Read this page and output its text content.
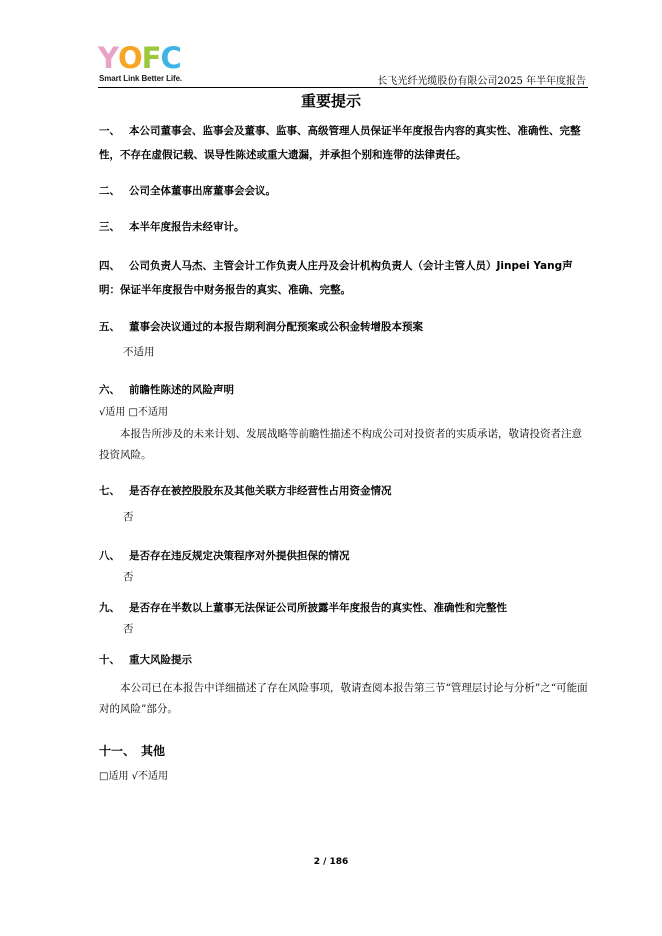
YOFC
Smart Link Better Life.	长飞光纤光缆股份有限公司2025 年半年度报告
重要提示
一、 本公司董事会、监事会及董事、监事、高级管理人员保证半年度报告内容的真实性、准确性、完整性，不存在虚假记载、误导性陈述或重大遗漏，并承担个别和连带的法律责任。
二、 公司全体董事出席董事会会议。
三、 本半年度报告未经审计。
四、 公司负责人马杰、主管会计工作负责人庄丹及会计机构负责人（会计主管人员）Jinpei Yang声明：保证半年度报告中财务报告的真实、准确、完整。
五、 董事会决议通过的本报告期利润分配预案或公积金转增股本预案
不适用
六、 前瞻性陈述的风险声明
√适用 □不适用
本报告所涉及的未来计划、发展战略等前瞻性描述不构成公司对投资者的实质承诺，敬请投资者注意投资风险。
七、 是否存在被控股股东及其他关联方非经营性占用资金情况
否
八、 是否存在违反规定决策程序对外提供担保的情况
否
九、 是否存在半数以上董事无法保证公司所披露半年度报告的真实性、准确性和完整性
否
十、 重大风险提示
本公司已在本报告中详细描述了存在风险事项，敬请查阅本报告第三节“管理层讨论与分析”之“可能面对的风险”部分。
十一、 其他
□适用 √不适用
2 / 186
